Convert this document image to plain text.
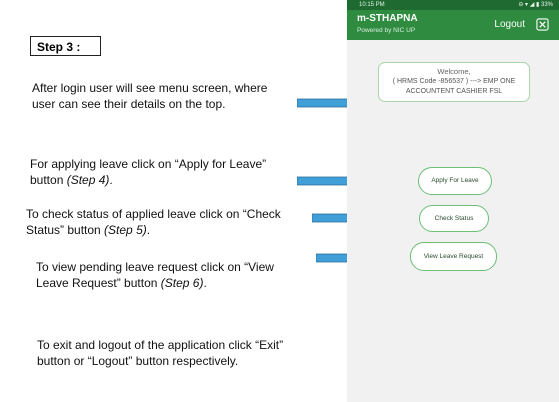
Step 3 :
After login user will see menu screen, where user can see their details on the top.
For applying leave click on “Apply for Leave” button (Step 4).
To check status of applied leave click on “Check Status” button (Step 5).
To view pending leave request click on “View Leave Request” button (Step 6).
To exit and logout of the application click “Exit” button or “Logout” button respectively.
10:15 PM	⊖ ▾ ◢ ▮ 33%
m-STHAPNA
Powered by NIC UP
Logout
Welcome,
( HRMS Code -856537 ) ---> EMP ONE
ACCOUNTENT CASHIER FSL
Apply For Leave
Check Status
View Leave Request
